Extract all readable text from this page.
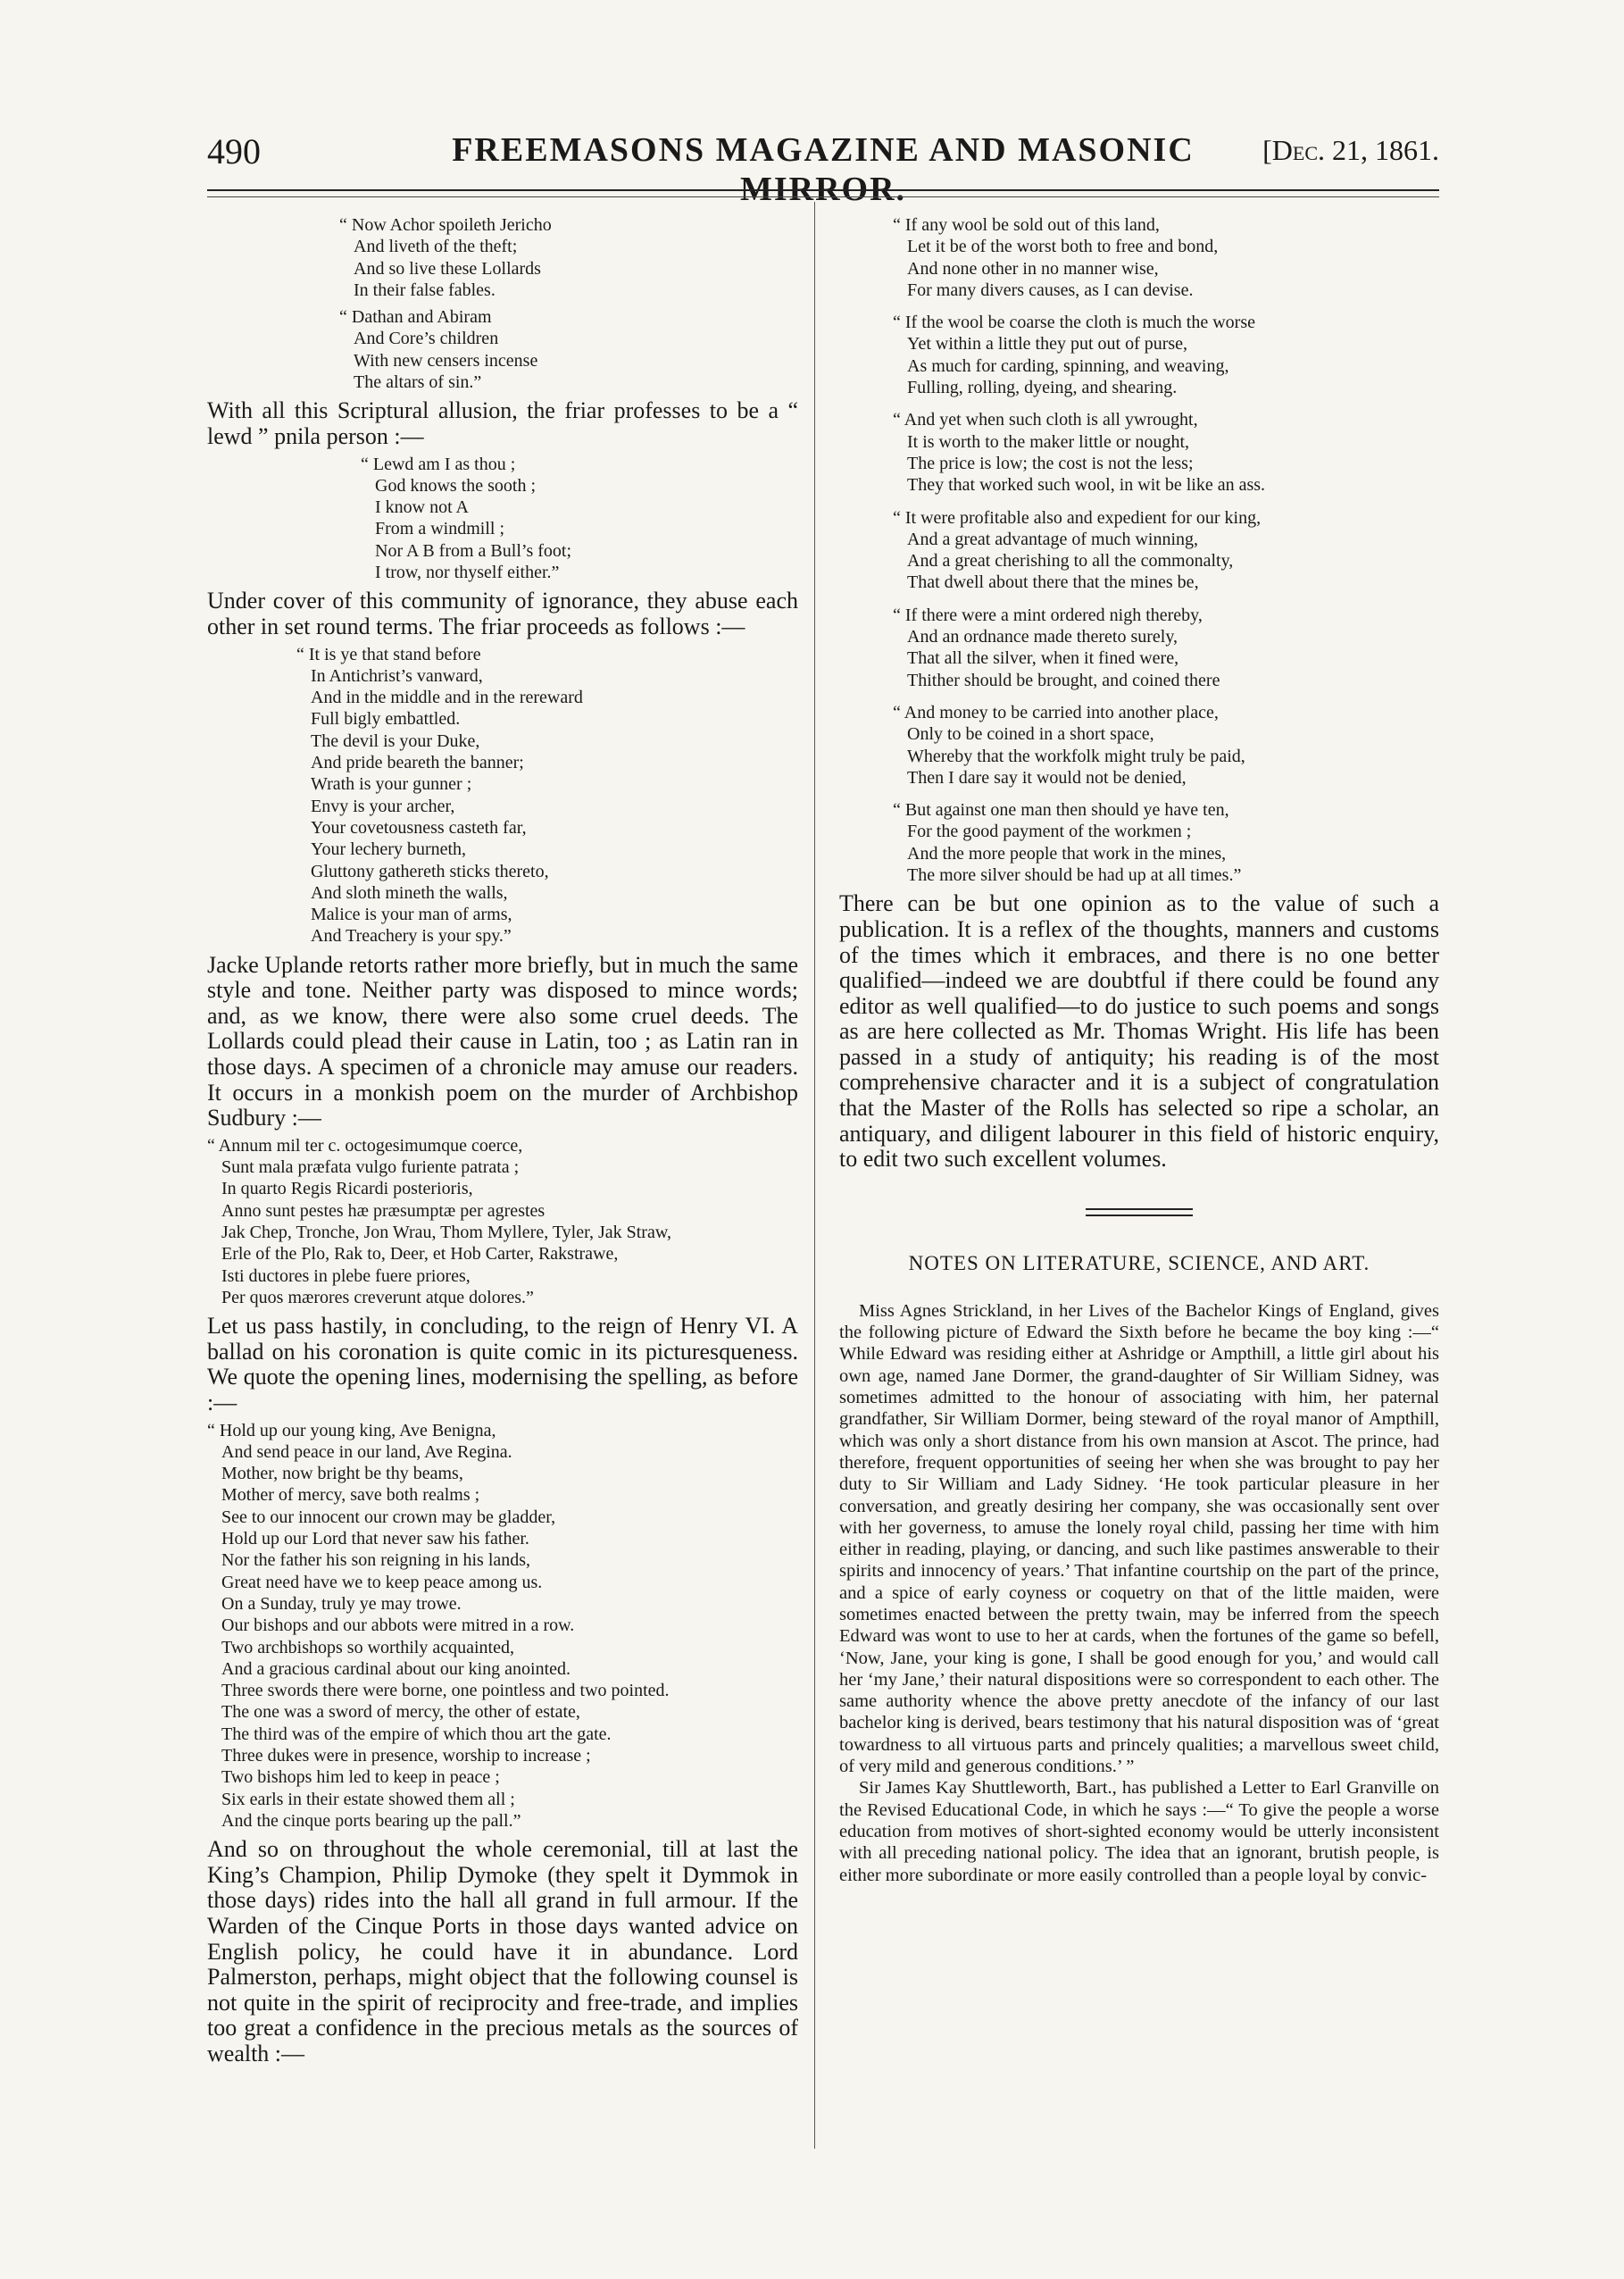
490	FREEMASONS MAGAZINE AND MASONIC MIRROR.
[Dec. 21, 1861.
“ Now Achor spoileth Jericho
And liveth of the theft;
And so live these Lollards
In their false fables.
“ Dathan and Abiram
And Core’s children
With new censers incense
The altars of sin.”

With all this Scriptural allusion, the friar professes to be a “ lewd ” pnila person :—

“ Lewd am I as thou ;
God knows the sooth ;
I know not A
From a windmill ;
Nor A B from a Bull’s foot;
I trow, nor thyself either.”

Under cover of this community of ignorance, they abuse each other in set round terms. The friar proceeds as follows :—

“ It is ye that stand before
In Antichrist’s vanward,
And in the middle and in the rereward
Full bigly embattled.
The devil is your Duke,
And pride beareth the banner;
Wrath is your gunner ;
Envy is your archer,
Your covetousness casteth far,
Your lechery burneth,
Gluttony gathereth sticks thereto,
And sloth mineth the walls,
Malice is your man of arms,
And Treachery is your spy.”

Jacke Uplande retorts rather more briefly, but in much the same style and tone. Neither party was disposed to mince words; and, as we know, there were also some cruel deeds. The Lollards could plead their cause in Latin, too ; as Latin ran in those days. A specimen of a chronicle may amuse our readers. It occurs in a monkish poem on the murder of Archbishop Sudbury :—

“ Annum mil ter c. octogesimumque coerce,
Sunt mala præfata vulgo furiente patrata ;
In quarto Regis Ricardi posterioris,
Anno sunt pestes hæ præsumptæ per agrestes
Jak Chep, Tronche, Jon Wrau, Thom Myllere, Tyler, Jak Straw,
Erle of the Plo, Rak to, Deer, et Hob Carter, Rakstrawe,
Isti ductores in plebe fuere priores,
Per quos mærores creverunt atque dolores.”

Let us pass hastily, in concluding, to the reign of Henry VI. A ballad on his coronation is quite comic in its picturesqueness. We quote the opening lines, modernising the spelling, as before :—

“ Hold up our young king, Ave Benigna,
And send peace in our land, Ave Regina.
Mother, now bright be thy beams,
Mother of mercy, save both realms ;
See to our innocent our crown may be gladder,
Hold up our Lord that never saw his father.
Nor the father his son reigning in his lands,
Great need have we to keep peace among us.
On a Sunday, truly ye may trowe.
Our bishops and our abbots were mitred in a row.
Two archbishops so worthily acquainted,
And a gracious cardinal about our king anointed.
Three swords there were borne, one pointless and two pointed.
The one was a sword of mercy, the other of estate,
The third was of the empire of which thou art the gate.
Three dukes were in presence, worship to increase ;
Two bishops him led to keep in peace ;
Six earls in their estate showed them all ;
And the cinque ports bearing up the pall.”

And so on throughout the whole ceremonial, till at last the King’s Champion, Philip Dymoke (they spelt it Dymmok in those days) rides into the hall all grand in full armour. If the Warden of the Cinque Ports in those days wanted advice on English policy, he could have it in abundance. Lord Palmerston, perhaps, might object that the following counsel is not quite in the spirit of reciprocity and free-trade, and implies too great a confidence in the precious metals as the sources of wealth :—

“ If any wool be sold out of this land,
Let it be of the worst both to free and bond,
And none other in no manner wise,
For many divers causes, as I can devise.
“ If the wool be coarse the cloth is much the worse
Yet within a little they put out of purse,
As much for carding, spinning, and weaving,
Fulling, rolling, dyeing, and shearing.
“ And yet when such cloth is all ywrought,
It is worth to the maker little or nought,
The price is low; the cost is not the less;
They that worked such wool, in wit be like an ass.
“ It were profitable also and expedient for our king,
And a great advantage of much winning,
And a great cherishing to all the commonalty,
That dwell about there that the mines be,
“ If there were a mint ordered nigh thereby,
And an ordnance made thereto surely,
That all the silver, when it fined were,
Thither should be brought, and coined there
“ And money to be carried into another place,
Only to be coined in a short space,
Whereby that the workfolk might truly be paid,
Then I dare say it would not be denied,
“ But against one man then should ye have ten,
For the good payment of the workmen ;
And the more people that work in the mines,
The more silver should be had up at all times.”

There can be but one opinion as to the value of such a publication. It is a reflex of the thoughts, manners and customs of the times which it embraces, and there is no one better qualified—indeed we are doubtful if there could be found any editor as well qualified—to do justice to such poems and songs as are here collected as Mr. Thomas Wright. His life has been passed in a study of antiquity; his reading is of the most comprehensive character and it is a subject of congratulation that the Master of the Rolls has selected so ripe a scholar, an antiquary, and diligent labourer in this field of historic enquiry, to edit two such excellent volumes.

NOTES ON LITERATURE, SCIENCE, AND ART.

Miss Agnes Strickland, in her Lives of the Bachelor Kings of England, gives the following picture of Edward the Sixth before he became the boy king :—“ While Edward was residing either at Ashridge or Ampthill, a little girl about his own age, named Jane Dormer, the grand-daughter of Sir William Sidney, was sometimes admitted to the honour of associating with him, her paternal grandfather, Sir William Dormer, being steward of the royal manor of Ampthill, which was only a short distance from his own mansion at Ascot. The prince, had therefore, frequent opportunities of seeing her when she was brought to pay her duty to Sir William and Lady Sidney. ‘He took particular pleasure in her conversation, and greatly desiring her company, she was occasionally sent over with her governess, to amuse the lonely royal child, passing her time with him either in reading, playing, or dancing, and such like pastimes answerable to their spirits and innocency of years.’ That infantine courtship on the part of the prince, and a spice of early coyness or coquetry on that of the little maiden, were sometimes enacted between the pretty twain, may be inferred from the speech Edward was wont to use to her at cards, when the fortunes of the game so befell, ‘Now, Jane, your king is gone, I shall be good enough for you,’ and would call her ‘my Jane,’ their natural dispositions were so correspondent to each other. The same authority whence the above pretty anecdote of the infancy of our last bachelor king is derived, bears testimony that his natural disposition was of ‘great towardness to all virtuous parts and princely qualities; a marvellous sweet child, of very mild and generous conditions.’ ”

Sir James Kay Shuttleworth, Bart., has published a Letter to Earl Granville on the Revised Educational Code, in which he says :—“ To give the people a worse education from motives of short-sighted economy would be utterly inconsistent with all preceding national policy. The idea that an ignorant, brutish people, is either more subordinate or more easily controlled than a people loyal by convic-
